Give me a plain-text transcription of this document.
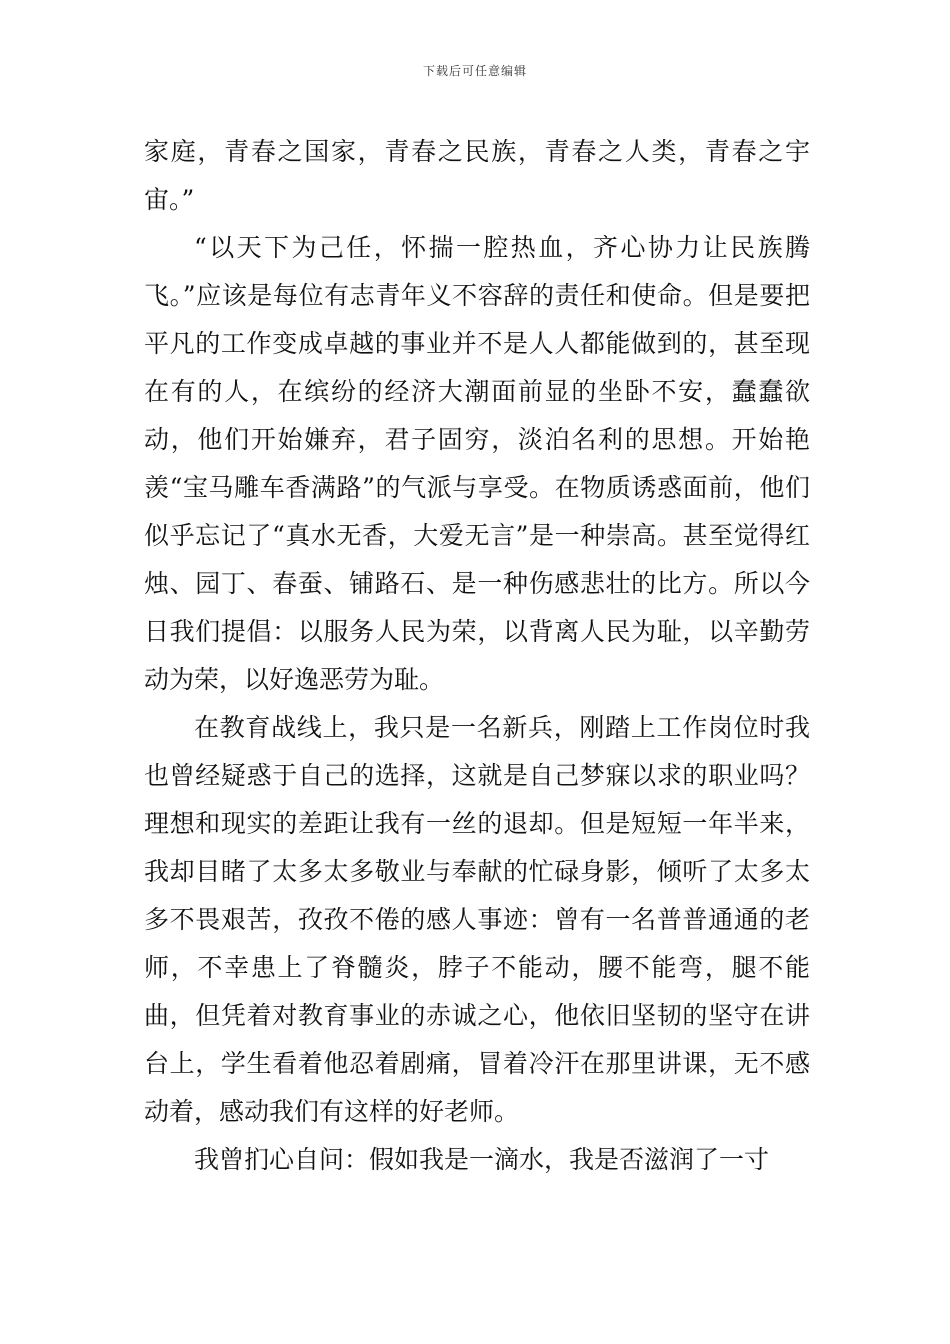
下载后可任意编辑

家庭，青春之国家，青春之民族，青春之人类，青春之宇宙。”

“以天下为己任，怀揣一腔热血，齐心协力让民族腾飞。”应该是每位有志青年义不容辞的责任和使命。但是要把平凡的工作变成卓越的事业并不是人人都能做到的，甚至现在有的人，在缤纷的经济大潮面前显的坐卧不安，蠢蠢欲动，他们开始嫌弃，君子固穷，淡泊名利的思想。开始艳羡“宝马雕车香满路”的气派与享受。在物质诱惑面前，他们似乎忘记了“真水无香，大爱无言”是一种崇高。甚至觉得红烛、园丁、春蚕、铺路石、是一种伤感悲壮的比方。所以今日我们提倡：以服务人民为荣，以背离人民为耻，以辛勤劳动为荣，以好逸恶劳为耻。

在教育战线上，我只是一名新兵，刚踏上工作岗位时我也曾经疑惑于自己的选择，这就是自己梦寐以求的职业吗？理想和现实的差距让我有一丝的退却。但是短短一年半来，我却目睹了太多太多敬业与奉献的忙碌身影，倾听了太多太多不畏艰苦，孜孜不倦的感人事迹：曾有一名普普通通的老师，不幸患上了脊髓炎，脖子不能动，腰不能弯，腿不能曲，但凭着对教育事业的赤诚之心，他依旧坚韧的坚守在讲台上，学生看着他忍着剧痛，冒着冷汗在那里讲课，无不感动着，感动我们有这样的好老师。

我曾扪心自问：假如我是一滴水，我是否滋润了一寸
